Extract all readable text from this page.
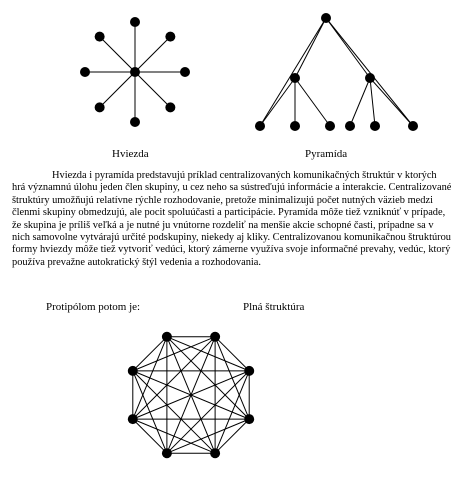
Hviezda	Pyramída

Hviezda i pyramída predstavujú príklad centralizovaných komunikačných štruktúr v ktorých hrá významnú úlohu jeden člen skupiny, u cez neho sa sústreďujú informácie a interakcie. Centralizované štruktúry umožňujú relatívne rýchle rozhodovanie, pretože minimalizujú počet nutných väzieb medzi členmi skupiny obmedzujú, ale pocit spoluúčasti a participácie. Pyramída môže tiež vzniknúť v prípade, že skupina je príliš veľká a je nutné ju vnútorne rozdeliť na menšie akcie schopné časti, prípadne sa v nich samovolne vytvárajú určité podskupiny, niekedy aj kliky. Centralizovanou komunikačnou štruktúrou formy hviezdy môže tiež vytvoriť vedúci, ktorý zámerne využíva svoje informačné prevahy, vedúc, ktorý používa prevažne autokratický štýl vedenia a rozhodovania.

Protipólom potom je:	Plná štruktúra
